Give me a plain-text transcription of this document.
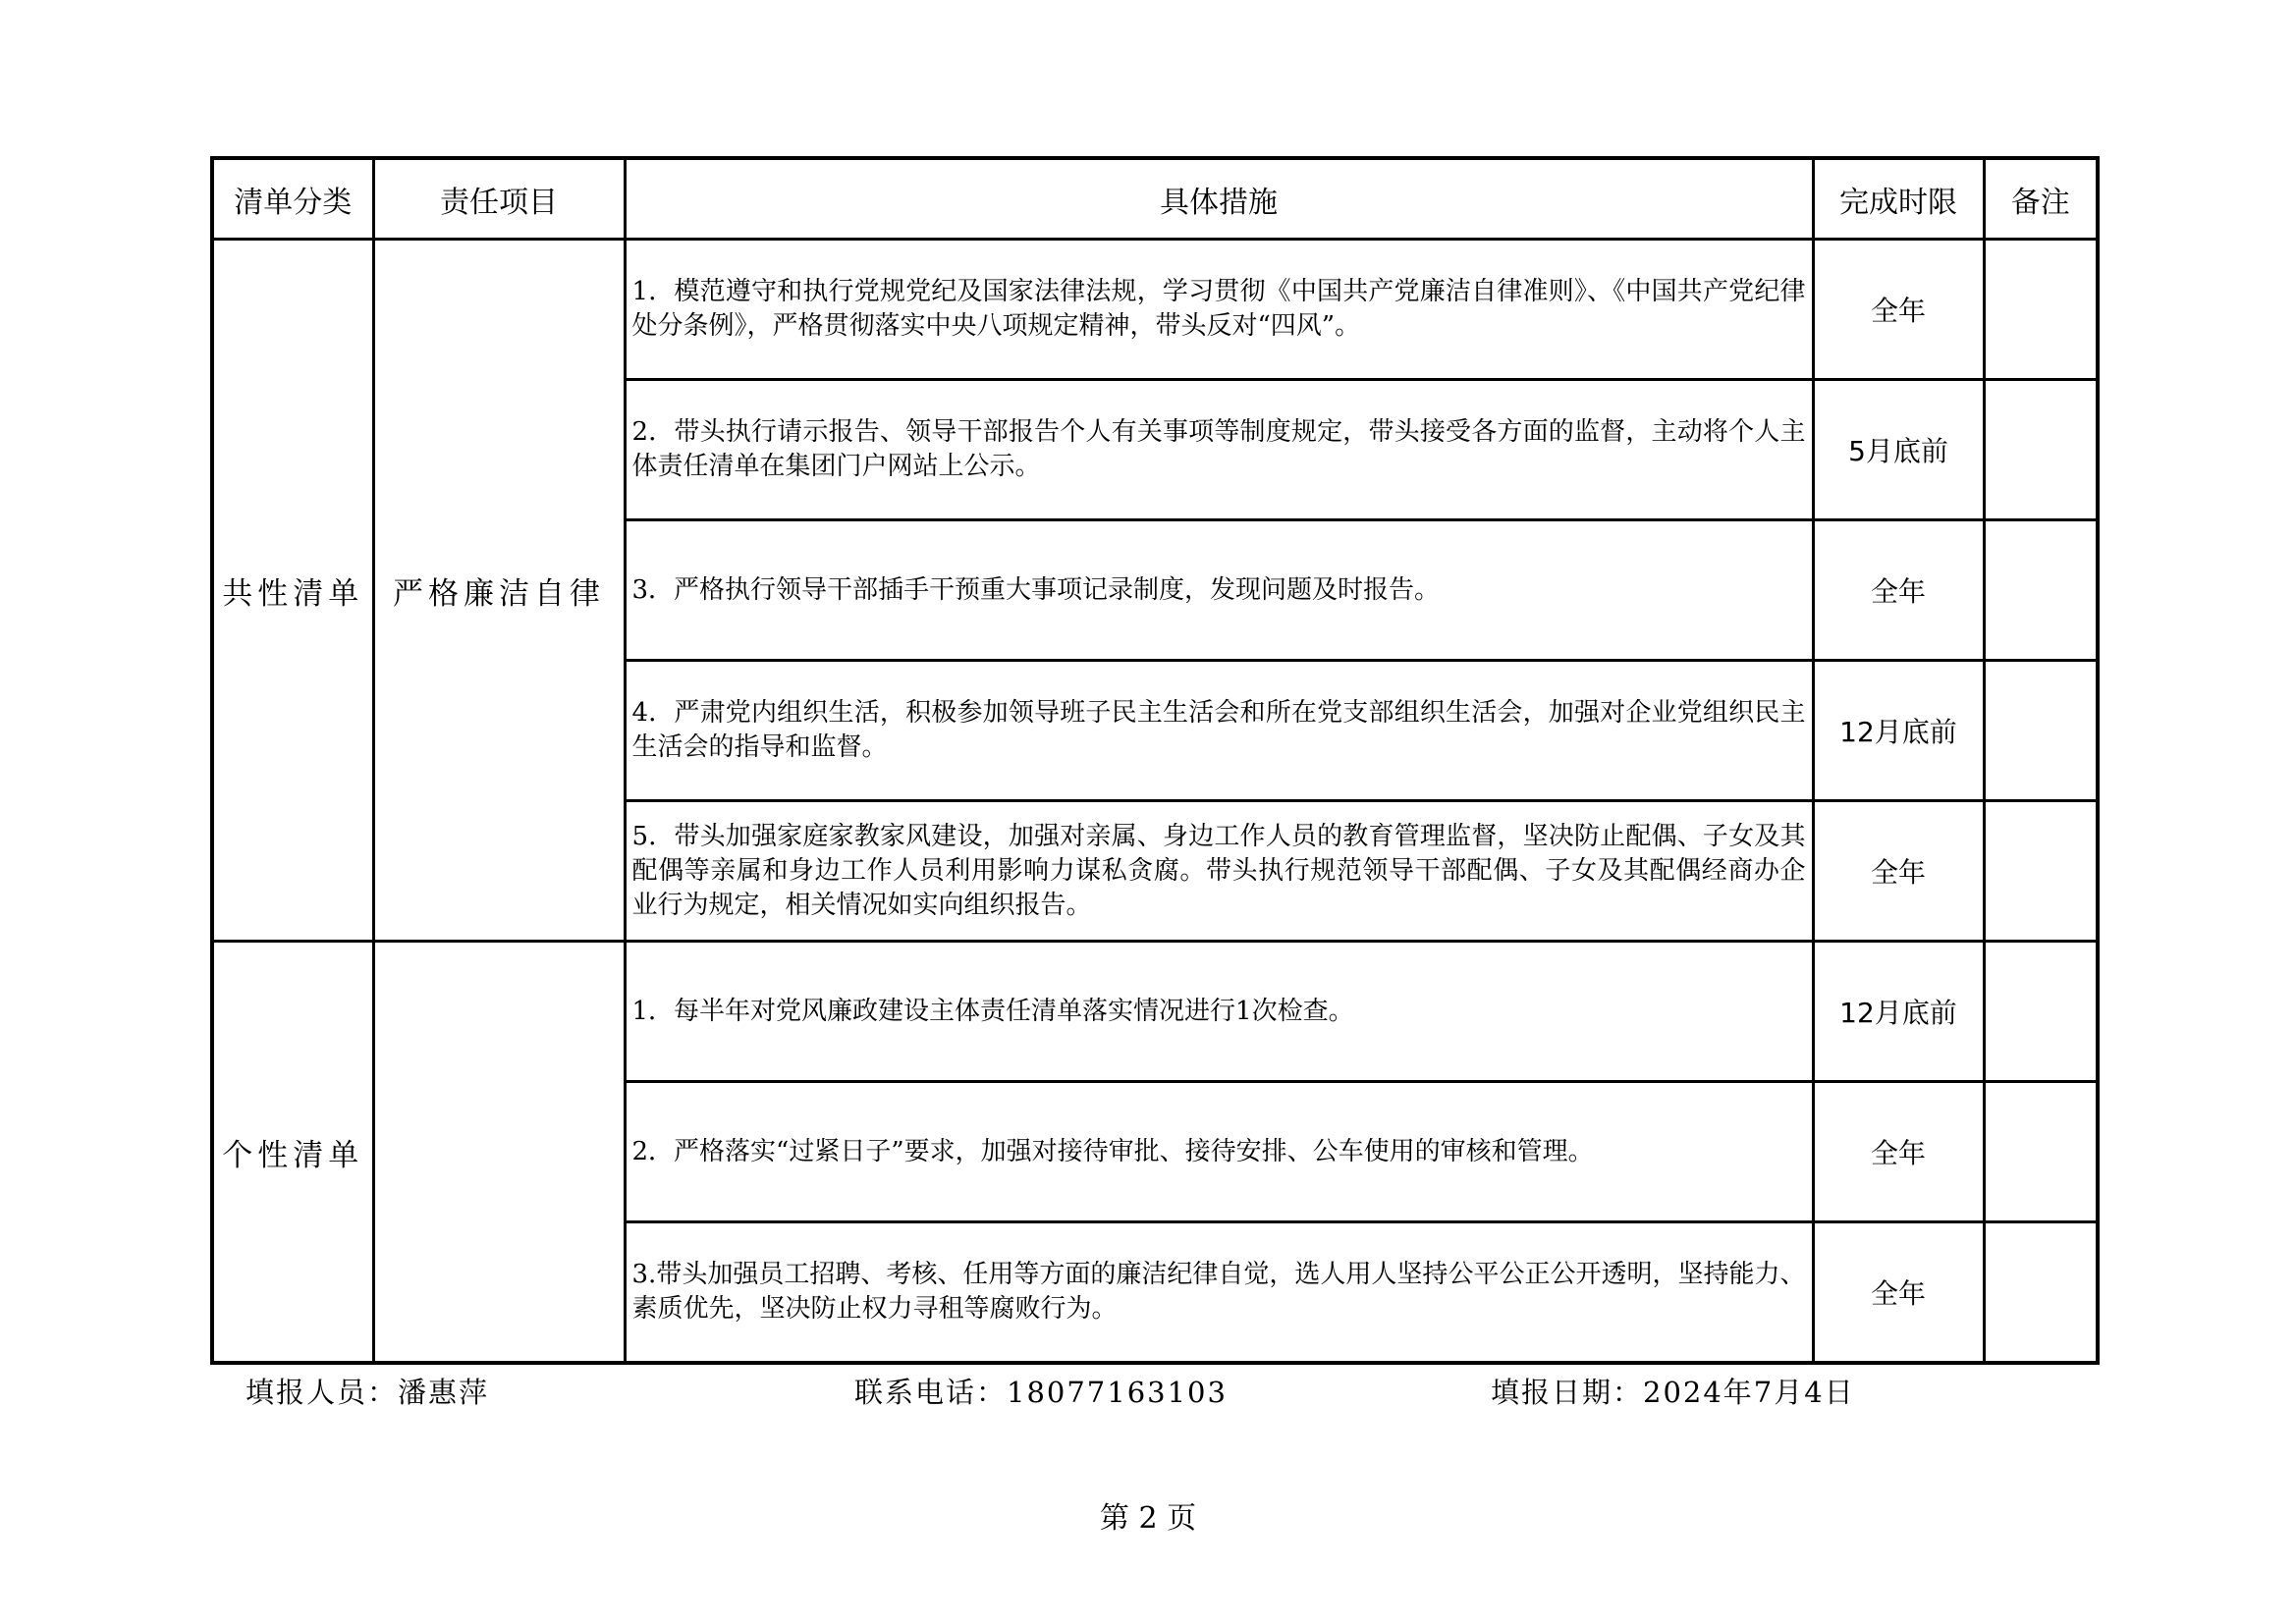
清单分类	责任项目	具体措施	完成时限	备注
共性清单	严格廉洁自律	1．模范遵守和执行党规党纪及国家法律法规，学习贯彻《中国共产党廉洁自律准则》、《中国共产党纪律处分条例》，严格贯彻落实中央八项规定精神，带头反对“四风”。	全年	
		2．带头执行请示报告、领导干部报告个人有关事项等制度规定，带头接受各方面的监督，主动将个人主体责任清单在集团门户网站上公示。	5月底前	
		3．严格执行领导干部插手干预重大事项记录制度，发现问题及时报告。	全年	
		4．严肃党内组织生活，积极参加领导班子民主生活会和所在党支部组织生活会，加强对企业党组织民主生活会的指导和监督。	12月底前	
		5．带头加强家庭家教家风建设，加强对亲属、身边工作人员的教育管理监督，坚决防止配偶、子女及其配偶等亲属和身边工作人员利用影响力谋私贪腐。带头执行规范领导干部配偶、子女及其配偶经商办企业行为规定，相关情况如实向组织报告。	全年	
个性清单		1．每半年对党风廉政建设主体责任清单落实情况进行1次检查。	12月底前	
		2．严格落实“过紧日子”要求，加强对接待审批、接待安排、公车使用的审核和管理。	全年	
		3.带头加强员工招聘、考核、任用等方面的廉洁纪律自觉，选人用人坚持公平公正公开透明，坚持能力、素质优先，坚决防止权力寻租等腐败行为。	全年	
填报人员：潘惠萍	联系电话：18077163103	填报日期：2024年7月4日
第 2 页
